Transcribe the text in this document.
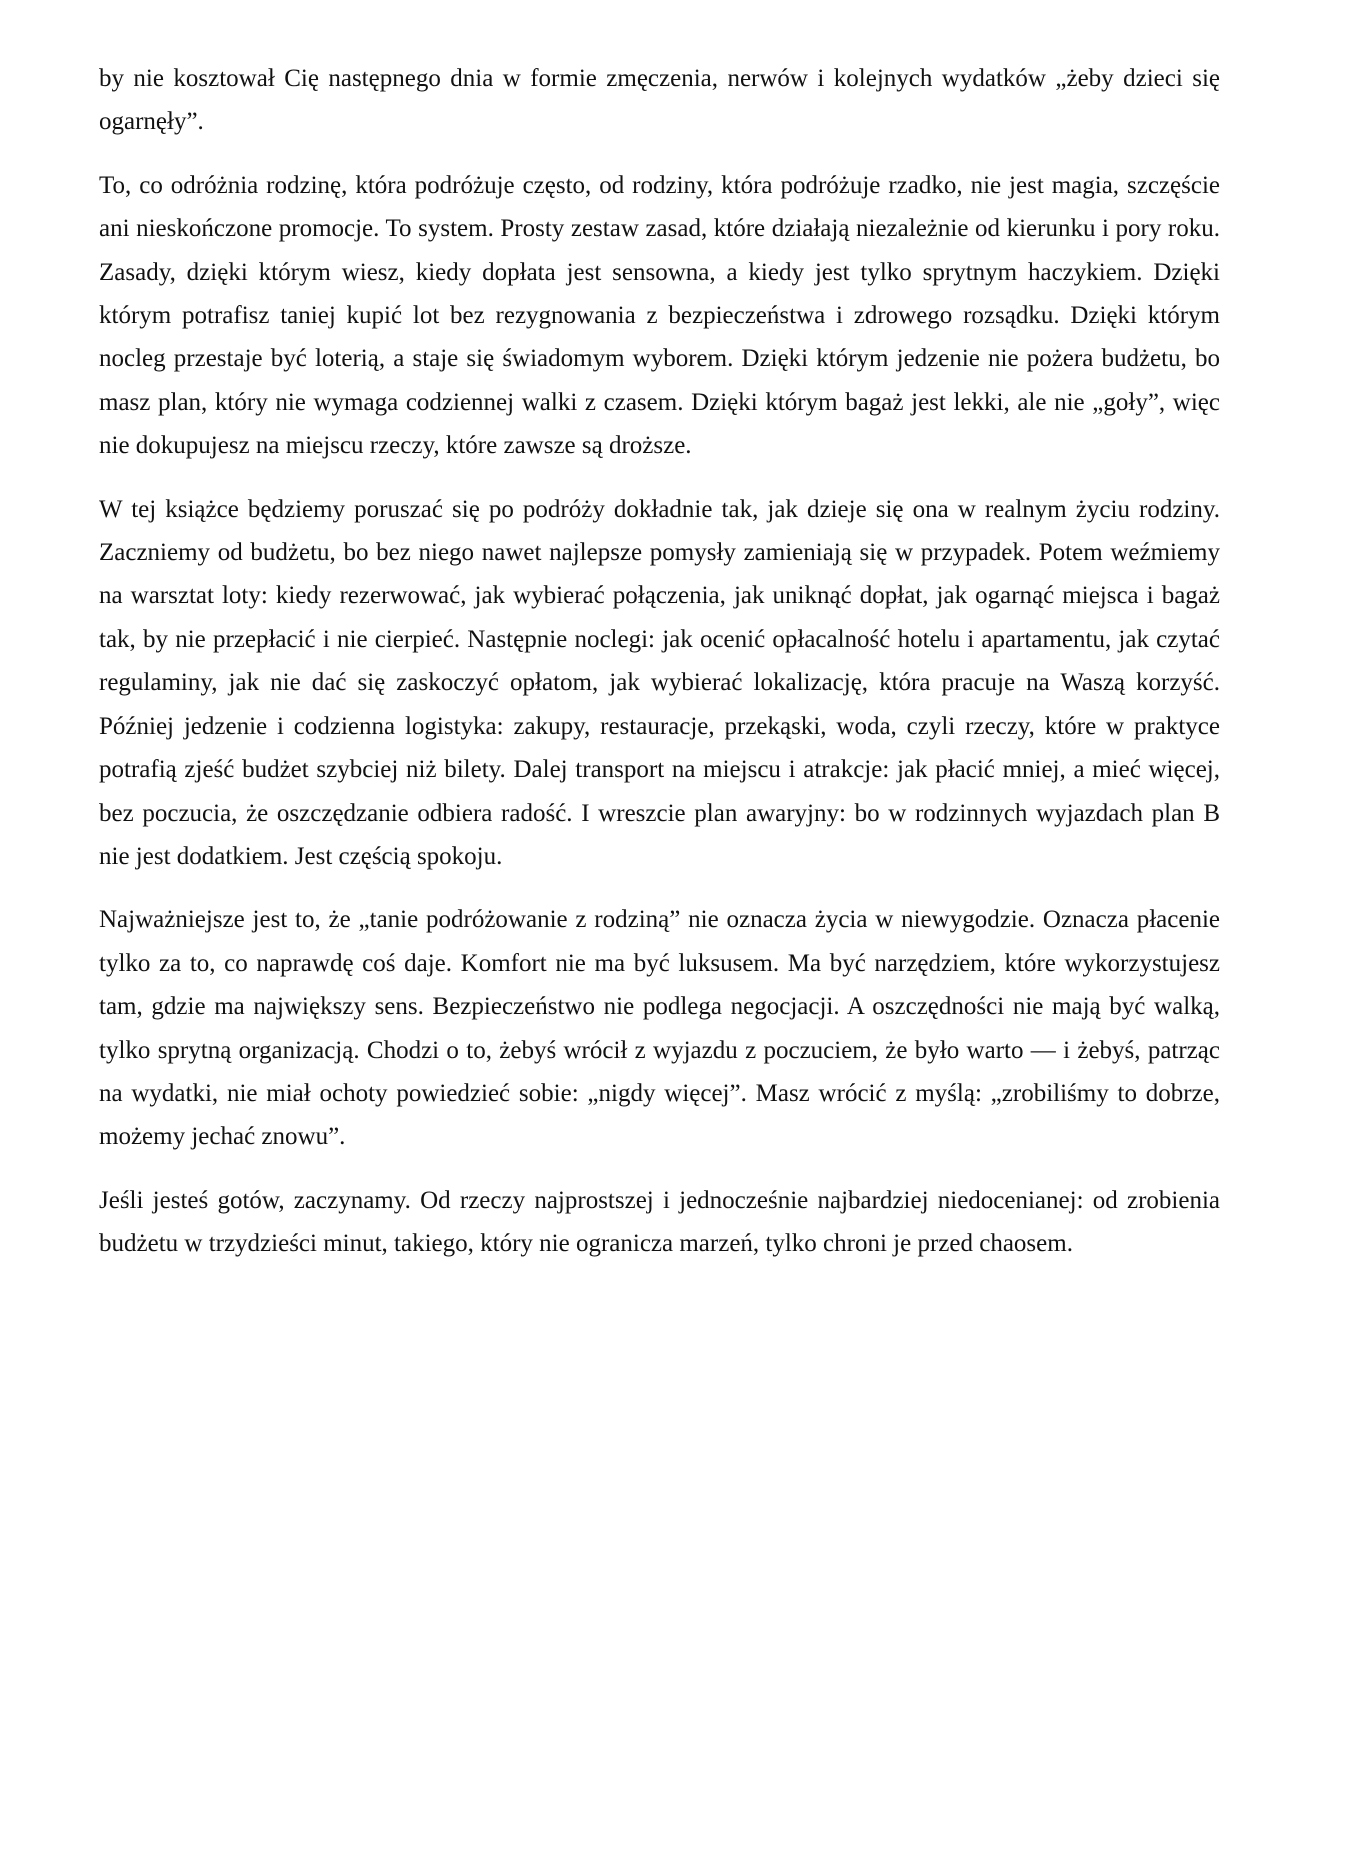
by nie kosztował Cię następnego dnia w formie zmęczenia, nerwów i kolejnych wydatków „żeby dzieci się ogarnęły”.

To, co odróżnia rodzinę, która podróżuje często, od rodziny, która podróżuje rzadko, nie jest magia, szczęście ani nieskończone promocje. To system. Prosty zestaw zasad, które działają niezależnie od kierunku i pory roku. Zasady, dzięki którym wiesz, kiedy dopłata jest sensowna, a kiedy jest tylko sprytnym haczykiem. Dzięki którym potrafisz taniej kupić lot bez rezygnowania z bezpieczeństwa i zdrowego rozsądku. Dzięki którym nocleg przestaje być loterią, a staje się świadomym wyborem. Dzięki którym jedzenie nie pożera budżetu, bo masz plan, który nie wymaga codziennej walki z czasem. Dzięki którym bagaż jest lekki, ale nie „goły”, więc nie dokupujesz na miejscu rzeczy, które zawsze są droższe.

W tej książce będziemy poruszać się po podróży dokładnie tak, jak dzieje się ona w realnym życiu rodziny. Zaczniemy od budżetu, bo bez niego nawet najlepsze pomysły zamieniają się w przypadek. Potem weźmiemy na warsztat loty: kiedy rezerwować, jak wybierać połączenia, jak uniknąć dopłat, jak ogarnąć miejsca i bagaż tak, by nie przepłacić i nie cierpieć. Następnie noclegi: jak ocenić opłacalność hotelu i apartamentu, jak czytać regulaminy, jak nie dać się zaskoczyć opłatom, jak wybierać lokalizację, która pracuje na Waszą korzyść. Później jedzenie i codzienna logistyka: zakupy, restauracje, przekąski, woda, czyli rzeczy, które w praktyce potrafią zjeść budżet szybciej niż bilety. Dalej transport na miejscu i atrakcje: jak płacić mniej, a mieć więcej, bez poczucia, że oszczędzanie odbiera radość. I wreszcie plan awaryjny: bo w rodzinnych wyjazdach plan B nie jest dodatkiem. Jest częścią spokoju.

Najważniejsze jest to, że „tanie podróżowanie z rodziną” nie oznacza życia w niewygodzie. Oznacza płacenie tylko za to, co naprawdę coś daje. Komfort nie ma być luksusem. Ma być narzędziem, które wykorzystujesz tam, gdzie ma największy sens. Bezpieczeństwo nie podlega negocjacji. A oszczędności nie mają być walką, tylko sprytną organizacją. Chodzi o to, żebyś wrócił z wyjazdu z poczuciem, że było warto — i żebyś, patrząc na wydatki, nie miał ochoty powiedzieć sobie: „nigdy więcej”. Masz wrócić z myślą: „zrobiliśmy to dobrze, możemy jechać znowu”.

Jeśli jesteś gotów, zaczynamy. Od rzeczy najprostszej i jednocześnie najbardziej niedocenianej: od zrobienia budżetu w trzydzieści minut, takiego, który nie ogranicza marzeń, tylko chroni je przed chaosem.
